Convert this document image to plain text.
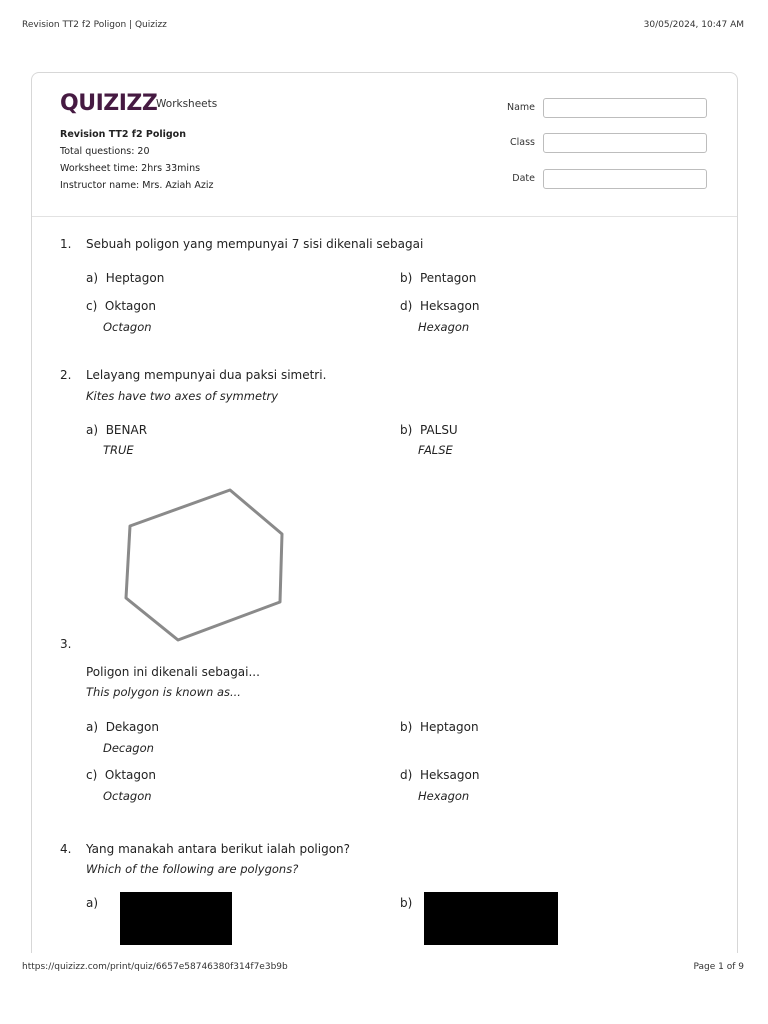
Revision TT2 f2 Poligon | Quizizz	30/05/2024, 10:47 AM
QUIZIZZ
Worksheets
Revision TT2 f2 Poligon
Total questions: 20
Worksheet time: 2hrs 33mins
Instructor name: Mrs. Aziah Aziz
Name
Class
Date
1. Sebuah poligon yang mempunyai 7 sisi dikenali sebagai
a) Heptagon	b) Pentagon
c) Oktagon
Octagon
d) Heksagon
Hexagon
2. Lelayang mempunyai dua paksi simetri.
Kites have two axes of symmetry
a) BENAR
TRUE
b) PALSU
FALSE
3.
Poligon ini dikenali sebagai...
This polygon is known as...
a) Dekagon
Decagon
b) Heptagon
c) Oktagon
Octagon
d) Heksagon
Hexagon
4. Yang manakah antara berikut ialah poligon?
Which of the following are polygons?
a)	b)
https://quizizz.com/print/quiz/6657e58746380f314f7e3b9b	Page 1 of 9
